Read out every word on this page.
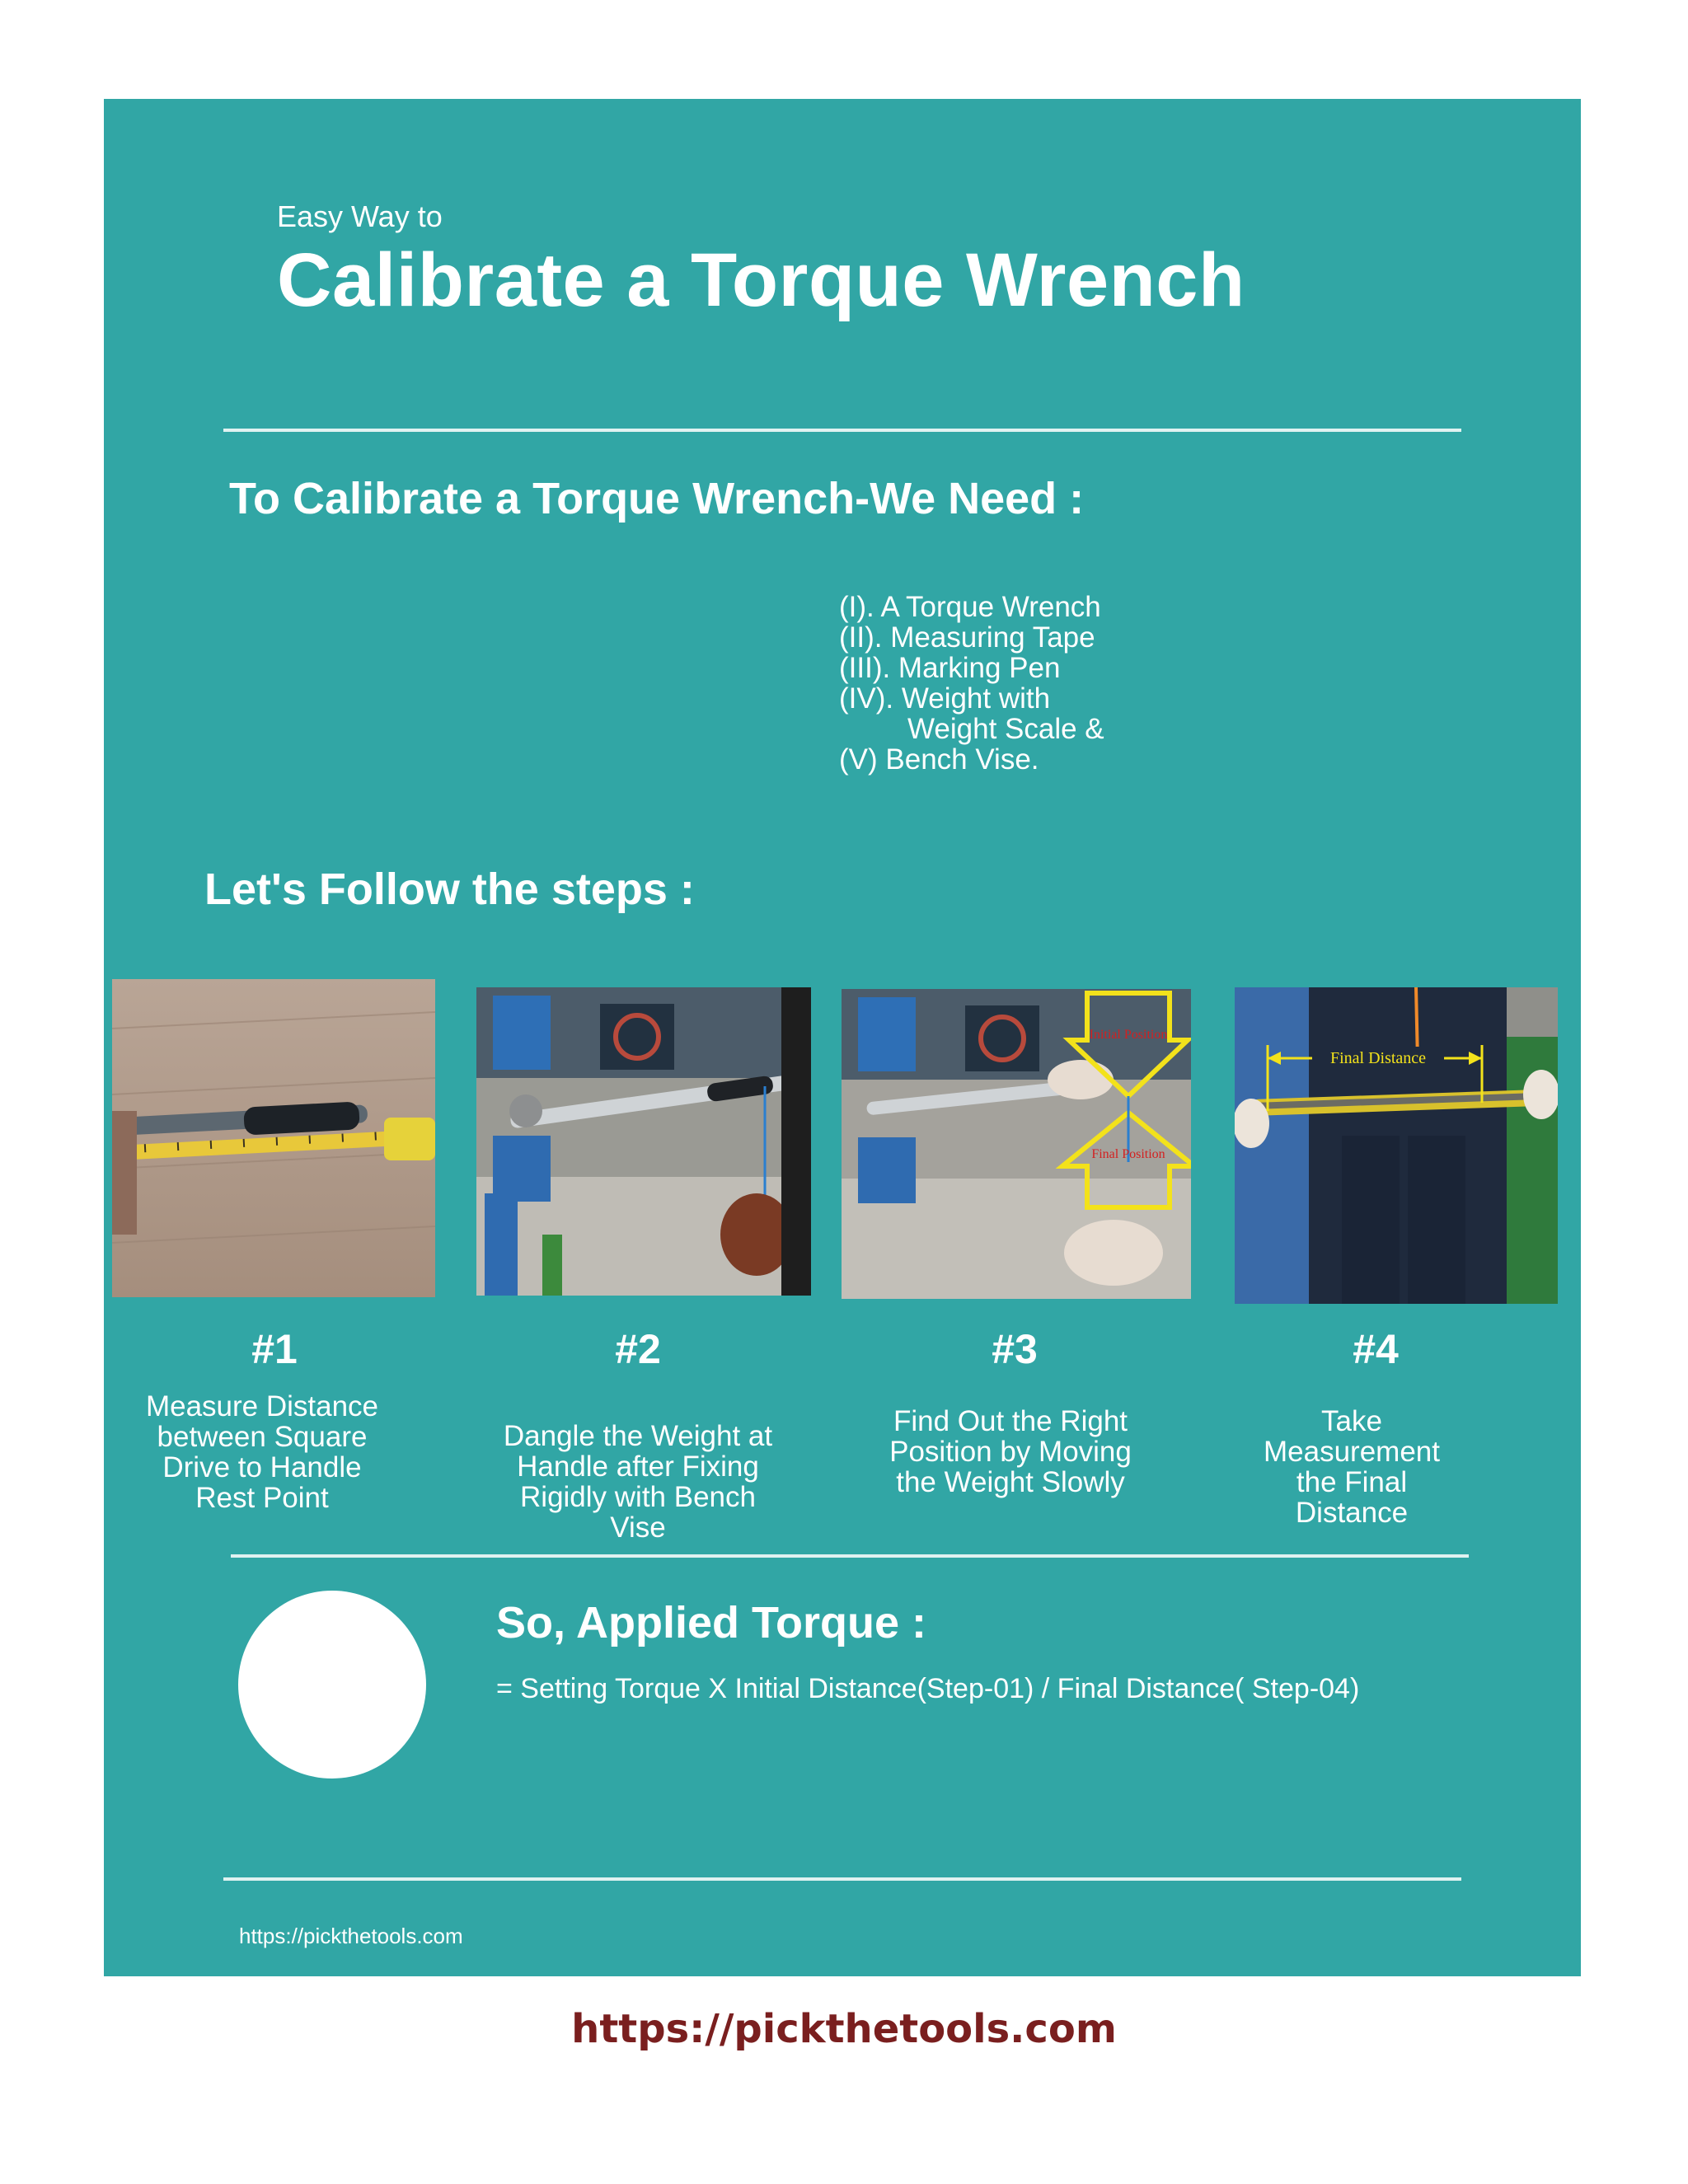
Easy Way to
Calibrate a Torque Wrench
To Calibrate a Torque Wrench-We Need :
(I). A Torque Wrench
(II). Measuring Tape
(III). Marking Pen
(IV). Weight with
Weight Scale &
(V) Bench Vise.
Let's Follow the steps :
Initial Position
Final Position
Final Distance
#1	#2	#3	#4
Measure Distance between Square Drive to Handle Rest Point
Dangle the Weight at Handle after Fixing Rigidly with Bench Vise
Find Out the Right Position by Moving the Weight Slowly
Take Measurement the Final Distance
So, Applied Torque :
= Setting Torque X Initial Distance(Step-01) / Final Distance( Step-04)
https://pickthetools.com
https://pickthetools.com
